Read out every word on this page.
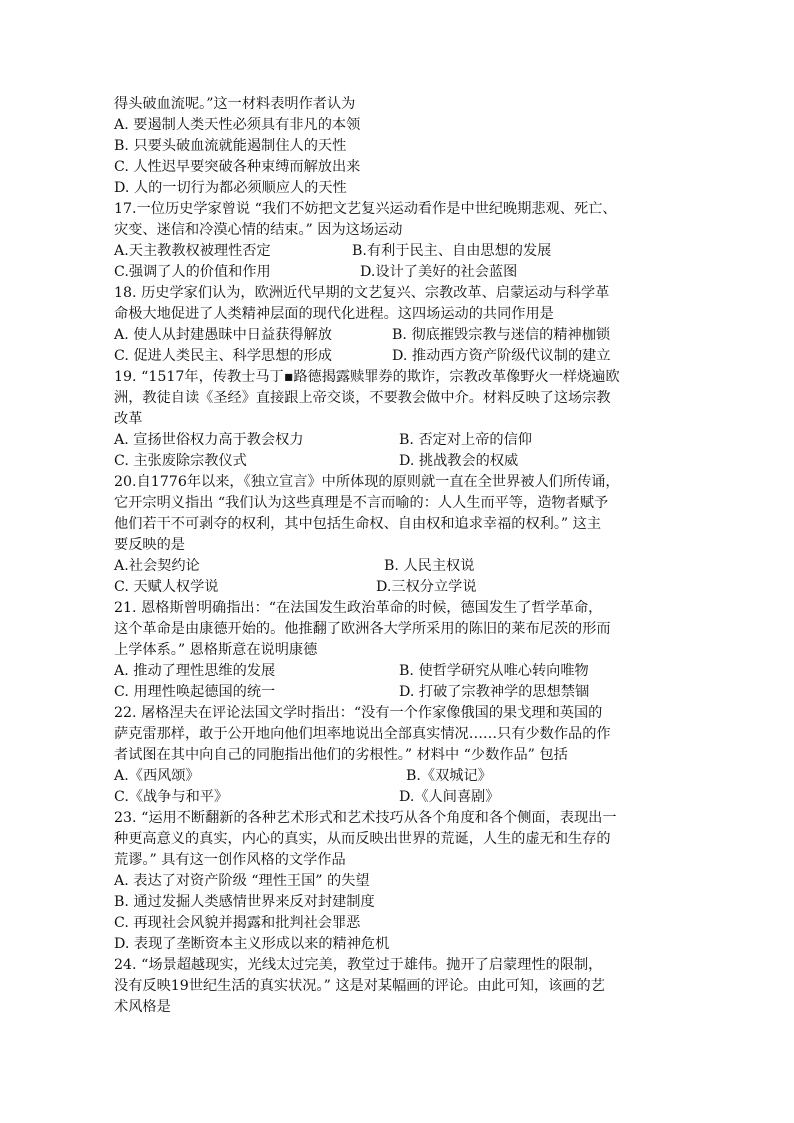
得头破血流呢。”这一材料表明作者认为
A. 要遏制人类天性必须具有非凡的本领
B. 只要头破血流就能遏制住人的天性
C. 人性迟早要突破各种束缚而解放出来
D. 人的一切行为都必须顺应人的天性
17.一位历史学家曾说 “我们不妨把文艺复兴运动看作是中世纪晚期悲观、死亡、
灾变、迷信和冷漠心情的结束。” 因为这场运动
A.天主教教权被理性否定	B.有利于民主、自由思想的发展
C.强调了人的价值和作用	D.设计了美好的社会蓝图
18. 历史学家们认为，欧洲近代早期的文艺复兴、宗教改革、启蒙运动与科学革
命极大地促进了人类精神层面的现代化进程。这四场运动的共同作用是
A. 使人从封建愚昧中日益获得解放	B. 彻底摧毁宗教与迷信的精神枷锁
C. 促进人类民主、科学思想的形成	D. 推动西方资产阶级代议制的建立
19. “1517年，传教士马丁▪路德揭露赎罪券的欺诈，宗教改革像野火一样烧遍欧
洲，教徒自读《圣经》直接跟上帝交谈，不要教会做中介。材料反映了这场宗教
改革
A. 宣扬世俗权力高于教会权力	B. 否定对上帝的信仰
C. 主张废除宗教仪式	D. 挑战教会的权威
20.自1776年以来，《独立宣言》中所体现的原则就一直在全世界被人们所传诵，
它开宗明义指出 “我们认为这些真理是不言而喻的：人人生而平等，造物者赋予
他们若干不可剥夺的权利，其中包括生命权、自由权和追求幸福的权利。” 这主
要反映的是
A.社会契约论	B. 人民主权说
C. 天赋人权学说	D.三权分立学说
21. 恩格斯曾明确指出：“在法国发生政治革命的时候，德国发生了哲学革命，
这个革命是由康德开始的。他推翻了欧洲各大学所采用的陈旧的莱布尼茨的形而
上学体系。” 恩格斯意在说明康德
A. 推动了理性思维的发展	B. 使哲学研究从唯心转向唯物
C. 用理性唤起德国的统一	D. 打破了宗教神学的思想禁锢
22. 屠格涅夫在评论法国文学时指出：“没有一个作家像俄国的果戈理和英国的
萨克雷那样，敢于公开地向他们坦率地说出全部真实情况……只有少数作品的作
者试图在其中向自己的同胞指出他们的劣根性。” 材料中 “少数作品” 包括
A.《西风颂》	B.《双城记》
C.《战争与和平》	D.《人间喜剧》
23. “运用不断翻新的各种艺术形式和艺术技巧从各个角度和各个侧面，表现出一
种更高意义的真实，内心的真实，从而反映出世界的荒诞，人生的虚无和生存的
荒谬。” 具有这一创作风格的文学作品
A. 表达了对资产阶级 “理性王国” 的失望
B. 通过发掘人类感情世界来反对封建制度
C. 再现社会风貌并揭露和批判社会罪恶
D. 表现了垄断资本主义形成以来的精神危机
24. “场景超越现实，光线太过完美，教堂过于雄伟。抛开了启蒙理性的限制，
没有反映19世纪生活的真实状况。” 这是对某幅画的评论。由此可知，该画的艺
术风格是
